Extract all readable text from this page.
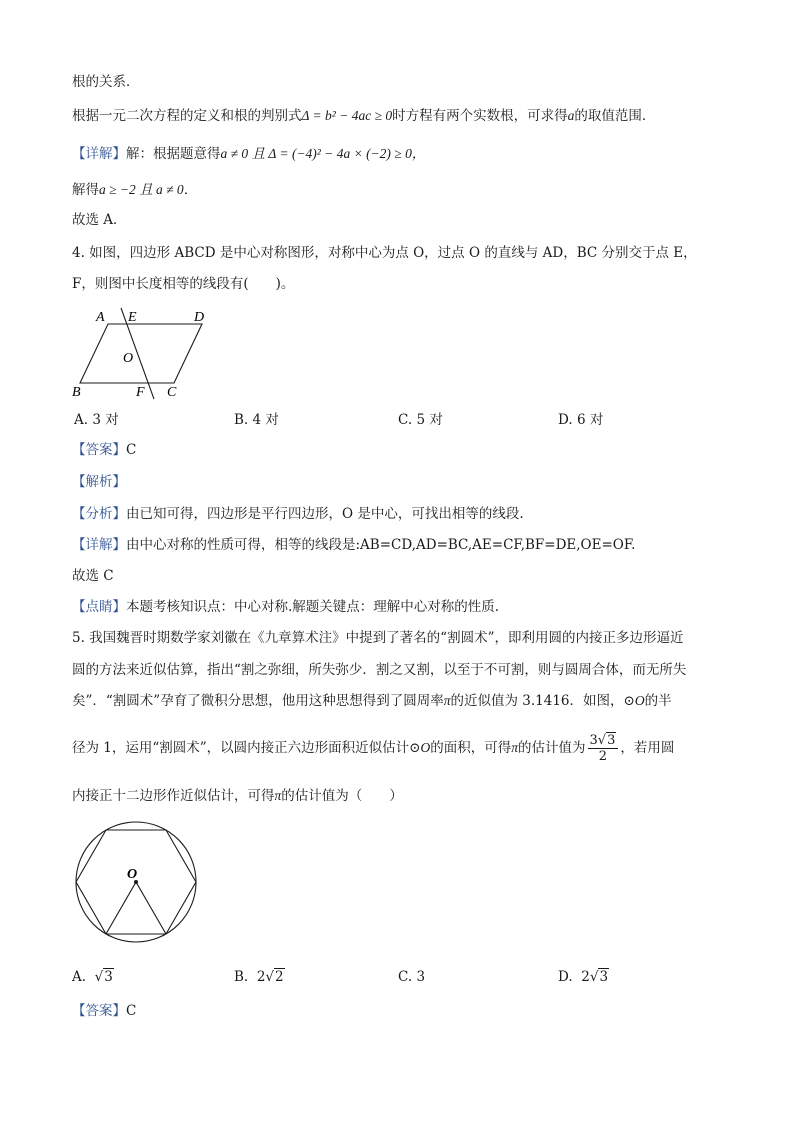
根的关系．
根据一元二次方程的定义和根的判别式Δ = b² − 4ac ≥ 0时方程有两个实数根，可求得a的取值范围．
【详解】解：根据题意得a ≠ 0 且 Δ = (−4)² − 4a × (−2) ≥ 0，
解得a ≥ −2 且 a ≠ 0．
故选 A．
4. 如图，四边形 ABCD 是中心对称图形，对称中心为点 O，过点 O 的直线与 AD，BC 分别交于点 E，
F，则图中长度相等的线段有(　　)。
A E	D
O
B	F C
A. 3 对	B. 4 对	C. 5 对	D. 6 对
【答案】C
【解析】
【分析】由已知可得，四边形是平行四边形，O 是中心，可找出相等的线段.
【详解】由中心对称的性质可得，相等的线段是:AB=CD,AD=BC,AE=CF,BF=DE,OE=OF.
故选 C
【点睛】本题考核知识点：中心对称.解题关键点：理解中心对称的性质.
5. 我国魏晋时期数学家刘徽在《九章算术注》中提到了著名的“割圆术”，即利用圆的内接正多边形逼近
圆的方法来近似估算，指出“割之弥细，所失弥少．割之又割，以至于不可割，则与圆周合体，而无所失
矣”．“割圆术”孕育了微积分思想，他用这种思想得到了圆周率π的近似值为 3.1416．如图，⊙O的半
径为 1，运用“割圆术”，以圆内接正六边形面积近似估计⊙O的面积，可得π的估计值为 $\frac{3√3}{2}$ ，若用圆
内接正十二边形作近似估计，可得π的估计值为（　　）
O
A. √3	B. 2√2	C. 3	D. 2√3
【答案】C
